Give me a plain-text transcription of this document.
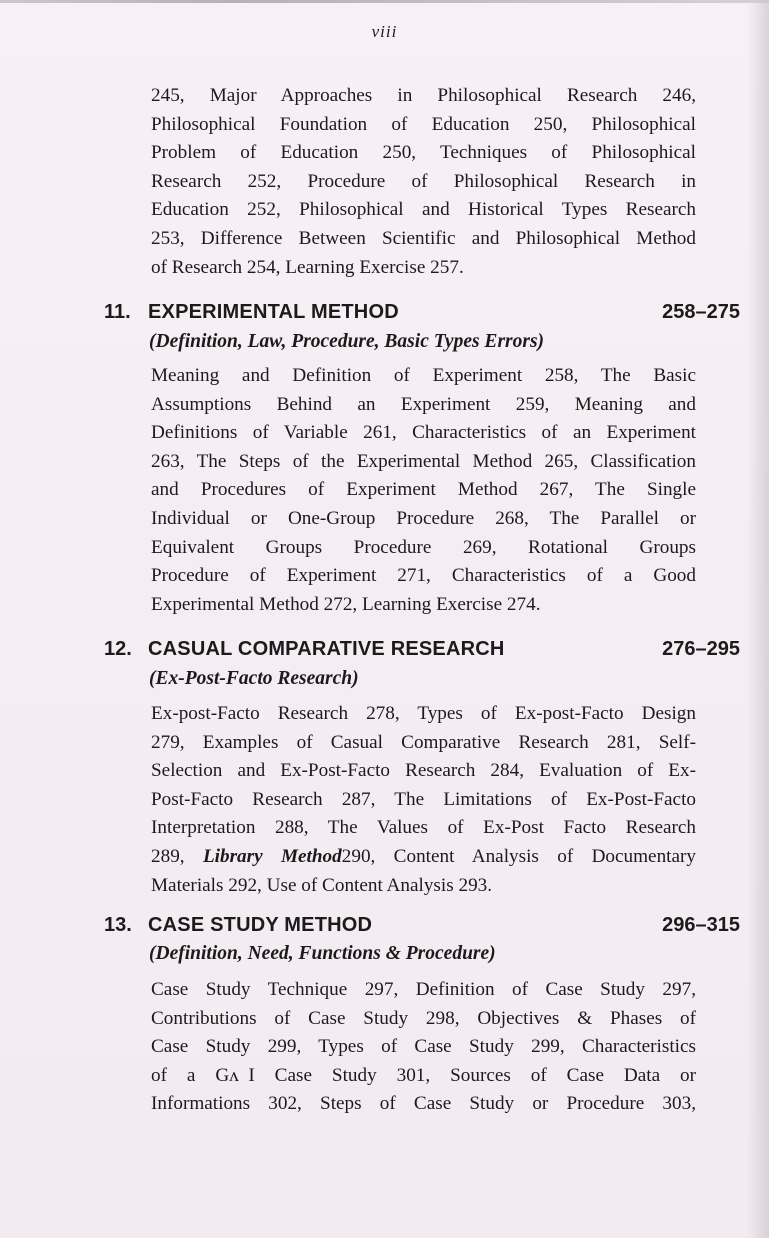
viii
245, Major Approaches in Philosophical Research 246,
Philosophical Foundation of Education 250, Philosophical
Problem of Education 250, Techniques of Philosophical
Research 252, Procedure of Philosophical Research in
Education 252, Philosophical and Historical Types Research
253, Difference Between Scientific and Philosophical Method
of Research 254, Learning Exercise 257.
11. EXPERIMENTAL METHOD	258–275
(Definition, Law, Procedure, Basic Types Errors)
Meaning and Definition of Experiment 258, The Basic
Assumptions Behind an Experiment 259, Meaning and
Definitions of Variable 261, Characteristics of an Experiment
263, The Steps of the Experimental Method 265, Classification
and Procedures of Experiment Method 267, The Single
Individual or One-Group Procedure 268, The Parallel or
Equivalent Groups Procedure 269, Rotational Groups
Procedure of Experiment 271, Characteristics of a Good
Experimental Method 272, Learning Exercise 274.
12. CASUAL COMPARATIVE RESEARCH	276–295
(Ex-Post-Facto Research)
Ex-post-Facto Research 278, Types of Ex-post-Facto Design
279, Examples of Casual Comparative Research 281, Self-
Selection and Ex-Post-Facto Research 284, Evaluation of Ex-
Post-Facto Research 287, The Limitations of Ex-Post-Facto
Interpretation 288, The Values of Ex-Post Facto Research
289, Library Method290, Content Analysis of Documentary
Materials 292, Use of Content Analysis 293.
13. CASE STUDY METHOD	296–315
(Definition, Need, Functions & Procedure)
Case Study Technique 297, Definition of Case Study 297,
Contributions of Case Study 298, Objectives & Phases of
Case Study 299, Types of Case Study 299, Characteristics
of a Gʌ І Case Study 301, Sources of Case Data or
Informations 302, Steps of Case Study or Procedure 303,
